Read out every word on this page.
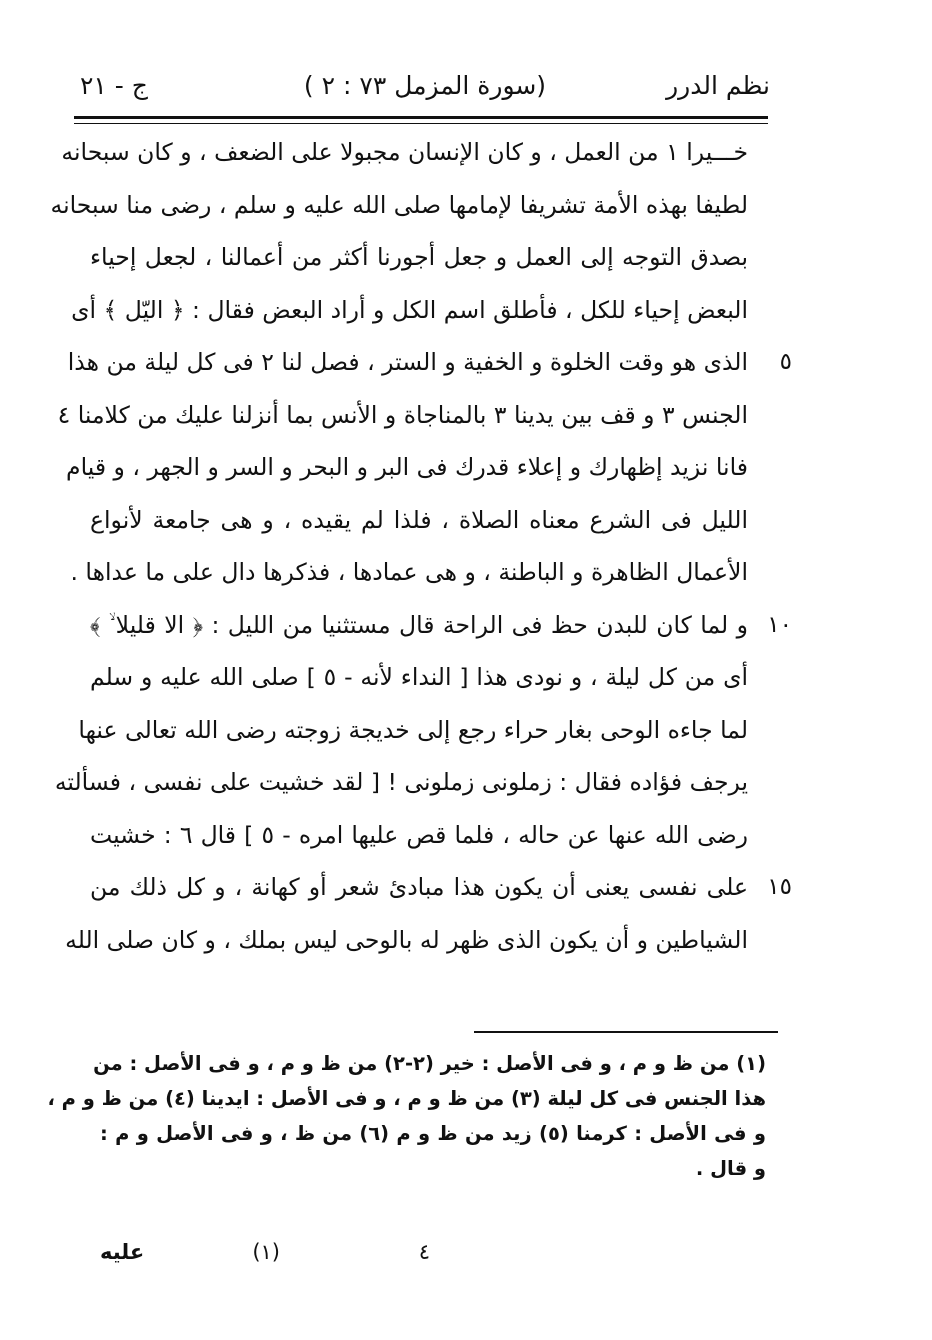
نظم الدرر
(سورة المزمل ٧٣ : ٢ )
ج - ٢١
خـــيرا ١ من العمل ، و كان الإنسان مجبولا على الضعف ، و كان سبحانه
لطيفا بهذه الأمة تشريفا لإمامها صلى الله عليه و سلم ، رضى منا سبحانه
بصدق التوجه إلى العمل و جعل أجورنا أكثر من أعمالنا ، لجعل إحياء
البعض إحياء للكل ، فأطلق اسم الكل و أراد البعض فقال : ﴿ اليّل ﴾ أى
الذى هو وقت الخلوة و الخفية و الستر ، فصل لنا ٢ فى كل ليلة من هذا	٥
الجنس ٣ و قف بين يدينا ٣ بالمناجاة و الأنس بما أنزلنا عليك من كلامنا ٤
فانا نزيد إظهارك و إعلاء قدرك فى البر و البحر و السر و الجهر ، و قيام
الليل فى الشرع معناه الصلاة ، فلذا لم يقيده ، و هى جامعة لأنواع
الأعمال الظاهرة و الباطنة ، و هى عمادها ، فذكرها دال على ما عداها .
و لما كان للبدن حظ فى الراحة قال مستثنيا من الليل : ﴿ الا قليلا ۙ ﴾ ١٠
أى من كل ليلة ، و نودى هذا [ النداء لأنه - ٥ ] صلى الله عليه و سلم
لما جاءه الوحى بغار حراء رجع إلى خديجة زوجته رضى الله تعالى عنها
يرجف فؤاده فقال : زملونى زملونى ! [ لقد خشيت على نفسى ، فسألته
رضى الله عنها عن حاله ، فلما قص عليها امره - ٥ ] قال ٦ : خشيت
على نفسى يعنى أن يكون هذا مبادئ شعر أو كهانة ، و كل ذلك من ١٥
الشياطين و أن يكون الذى ظهر له بالوحى ليس بملك ، و كان صلى الله
(١) من ظ و م ، و فى الأصل : خير (٢-٢) من ظ و م ، و فى الأصل : من
هذا الجنس فى كل ليلة (٣) من ظ و م ، و فى الأصل : ايدينا (٤) من ظ و م ،
و فى الأصل : كرمنا (٥) زيد من ظ و م (٦) من ظ ، و فى الأصل و م :
و قال .
٤
(١)
عليه
